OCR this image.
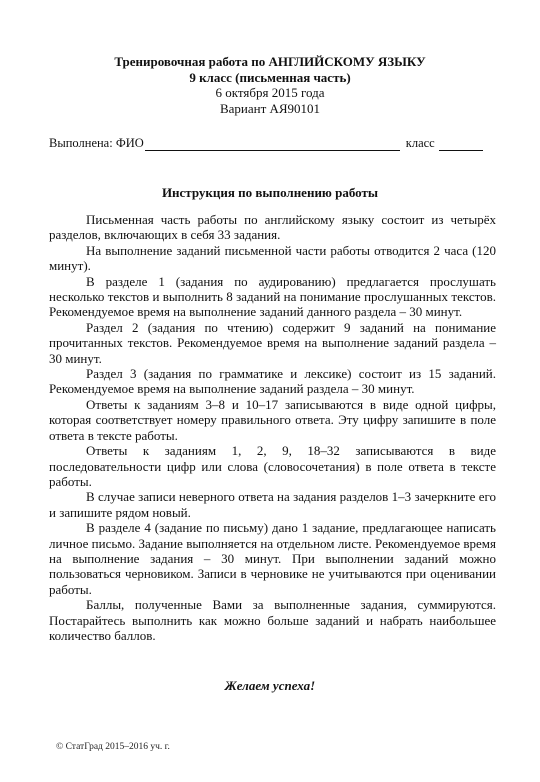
Тренировочная работа по АНГЛИЙСКОМУ ЯЗЫКУ
9 класс (письменная часть)
6 октября 2015 года
Вариант АЯ90101
Выполнена: ФИО	класс
Инструкция по выполнению работы

Письменная часть работы по английскому языку состоит из четырёх разделов, включающих в себя 33 задания.

На выполнение заданий письменной части работы отводится 2 часа (120 минут).

В разделе 1 (задания по аудированию) предлагается прослушать несколько текстов и выполнить 8 заданий на понимание прослушанных текстов. Рекомендуемое время на выполнение заданий данного раздела – 30 минут.

Раздел 2 (задания по чтению) содержит 9 заданий на понимание прочитанных текстов. Рекомендуемое время на выполнение заданий раздела – 30 минут.

Раздел 3 (задания по грамматике и лексике) состоит из 15 заданий. Рекомендуемое время на выполнение заданий раздела – 30 минут.

Ответы к заданиям 3–8 и 10–17 записываются в виде одной цифры, которая соответствует номеру правильного ответа. Эту цифру запишите в поле ответа в тексте работы.

Ответы к заданиям 1, 2, 9, 18–32 записываются в виде последовательности цифр или слова (словосочетания) в поле ответа в тексте работы.

В случае записи неверного ответа на задания разделов 1–3 зачеркните его и запишите рядом новый.

В разделе 4 (задание по письму) дано 1 задание, предлагающее написать личное письмо. Задание выполняется на отдельном листе. Рекомендуемое время на выполнение задания – 30 минут. При выполнении заданий можно пользоваться черновиком. Записи в черновике не учитываются при оценивании работы.

Баллы, полученные Вами за выполненные задания, суммируются. Постарайтесь выполнить как можно больше заданий и набрать наибольшее количество баллов.

Желаем успеха!
© СтатГрад 2015–2016 уч. г.
